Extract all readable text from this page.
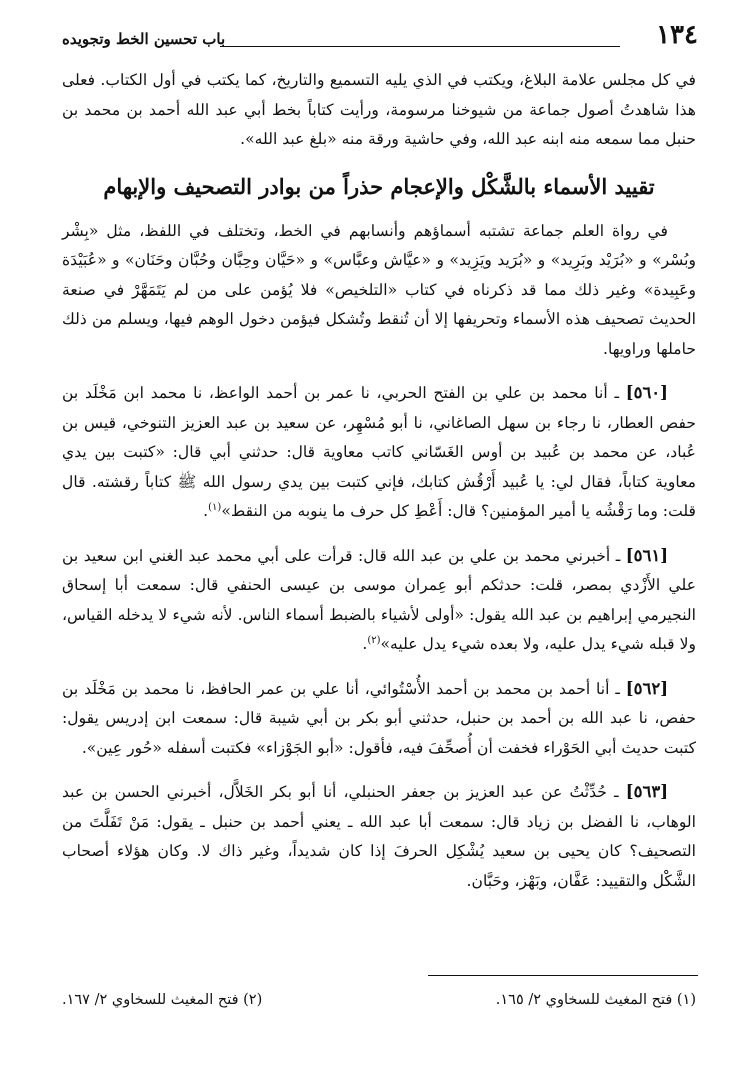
١٣٤
باب تحسين الخط وتجويده

في كل مجلس علامة البلاغ، ويكتب في الذي يليه التسميع والتاريخ، كما يكتب في أول الكتاب. فعلى هذا شاهدتُ أصول جماعة من شيوخنا مرسومة، ورأيت كتاباً بخط أبي عبد الله أحمد بن محمد بن حنبل مما سمعه منه ابنه عبد الله، وفي حاشية ورقة منه «بلغ عبد الله».

تقييد الأسماء بالشَّكْل والإعجام حذراً من بوادر التصحيف والإبهام

في رواة العلم جماعة تشتبه أسماؤهم وأنسابهم في الخط، وتختلف في اللفظ، مثل «بِشْر وبُسْر» و «بُرَيْد وبَرِيد» و «بُرَيد ويَزِيد» و «عيَّاش وعبَّاس» و «حَيَّان وحِبَّان وحُبَّان وحَنَان» و «عُبَيْدَة وعَبِيدة» وغير ذلك مما قد ذكرناه في كتاب «التلخيص» فلا يُؤمن على من لم يَتَمَهَّرْ في صنعة الحديث تصحيف هذه الأسماء وتحريفها إلا أن تُنقط وتُشكل فيؤمن دخول الوهم فيها، ويسلم من ذلك حاملها وراويها.

[٥٦٠] ـ أنا محمد بن علي بن الفتح الحربي، نا عمر بن أحمد الواعظ، نا محمد ابن مَخْلَد بن حفص العطار، نا رجاء بن سهل الصاغاني، نا أبو مُسْهِر، عن سعيد بن عبد العزيز التنوخي، قيس بن عُباد، عن محمد بن عُبيد بن أوس الغَسّاني كاتب معاوية قال: حدثني أبي قال: «كتبت بين يدي معاوية كتاباً، فقال لي: يا عُبيد أَرْقُش كتابك، فإني كتبت بين يدي رسول الله ﷺ كتاباً رقشته. قال قلت: وما رَقْشُه يا أمير المؤمنين؟ قال: أَعْطِ كل حرف ما ينوبه من النقط»$^{(١)}$.

[٥٦١] ـ أخبرني محمد بن علي بن عبد الله قال: قرأت على أبي محمد عبد الغني ابن سعيد بن علي الأَزْدي بمصر، قلت: حدثكم أبو عِمران موسى بن عيسى الحنفي قال: سمعت أبا إسحاق النجيرمي إبراهيم بن عبد الله يقول: «أولى لأشياء بالضبط أسماء الناس. لأنه شيء لا يدخله القياس، ولا قبله شيء يدل عليه، ولا بعده شيء يدل عليه»$^{(٢)}$.

[٥٦٢] ـ أنا أحمد بن محمد بن أحمد الأُسْتُوائي، أنا علي بن عمر الحافظ، نا محمد بن مَخْلَد بن حفص، نا عبد الله بن أحمد بن حنبل، حدثني أبو بكر بن أبي شيبة قال: سمعت ابن إدريس يقول: كتبت حديث أبي الحَوْراء فخفت أن أُصحِّفَ فيه، فأقول: «أبو الجَوْزاء» فكتبت أسفله «حُور عِين».

[٥٦٣] ـ حُدِّثْتُ عن عبد العزيز بن جعفر الحنبلي، أنا أبو بكر الخَلاَّل، أخبرني الحسن بن عبد الوهاب، نا الفضل بن زياد قال: سمعت أبا عبد الله ـ يعني أحمد بن حنبل ـ يقول: مَنْ تَفَلَّتَ من التصحيف؟ كان يحيى بن سعيد يُشْكِل الحرفَ إذا كان شديداً، وغير ذاك لا. وكان هؤلاء أصحاب الشَّكْل والتقييد: عَفَّان، وبَهْز، وحَبَّان.

(١) فتح المغيث للسخاوي ٢/ ١٦٥.
(٢) فتح المغيث للسخاوي ٢/ ١٦٧.
